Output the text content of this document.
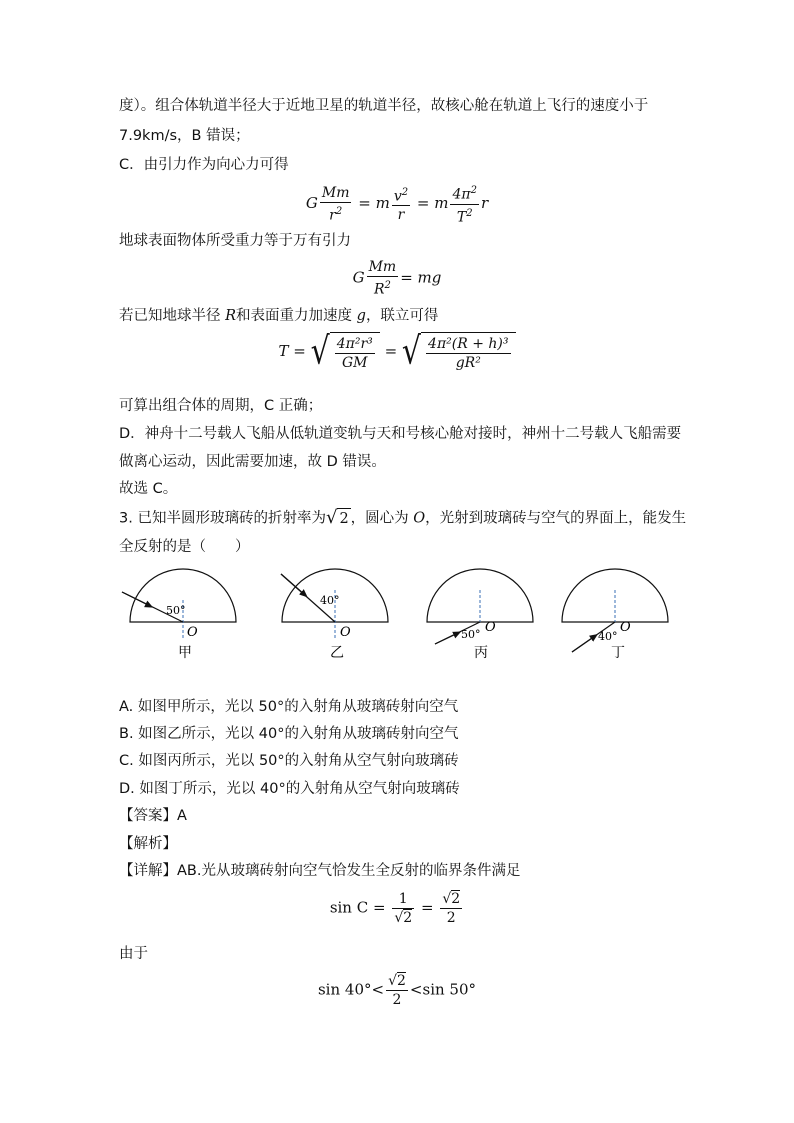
度）。组合体轨道半径大于近地卫星的轨道半径，故核心舱在轨道上飞行的速度小于
7.9km/s，B 错误；
C．由引力作为向心力可得
G $\frac{Mm}{r^2} = m \frac{v^2}{r} = m \frac{4\pi^2}{T^2}$ r
地球表面物体所受重力等于万有引力
G $\frac{Mm}{R^2}$ = mg
若已知地球半径 R和表面重力加速度 g，联立可得
T = √ $\frac{\text{4π²r³}}{GM}$ = √ $\frac{\text{4π²(R + h)³}}{\text{gR²}}$
可算出组合体的周期，C 正确；
D．神舟十二号载人飞船从低轨道变轨与天和号核心舱对接时，神州十二号载人飞船需要
做离心运动，因此需要加速，故 D 错误。
故选 C。
3. 已知半圆形玻璃砖的折射率为 √ 2 ，圆心为 O，光射到玻璃砖与空气的界面上，能发生
全反射的是（　　）
50°
O
甲
40°
O
乙
50° O
丙
40°
O
丁
A. 如图甲所示，光以 50°的入射角从玻璃砖射向空气
B. 如图乙所示，光以 40°的入射角从玻璃砖射向空气
C. 如图丙所示，光以 50°的入射角从空气射向玻璃砖
D. 如图丁所示，光以 40°的入射角从空气射向玻璃砖
【答案】A
【解析】
【详解】AB.光从玻璃砖射向空气恰发生全反射的临界条件满足
$\sin C = \frac{1}{√2} = \frac{√2}{2}$
由于
$\sin 40^\circ< \frac{√2}{2} <\sin$ 50°
